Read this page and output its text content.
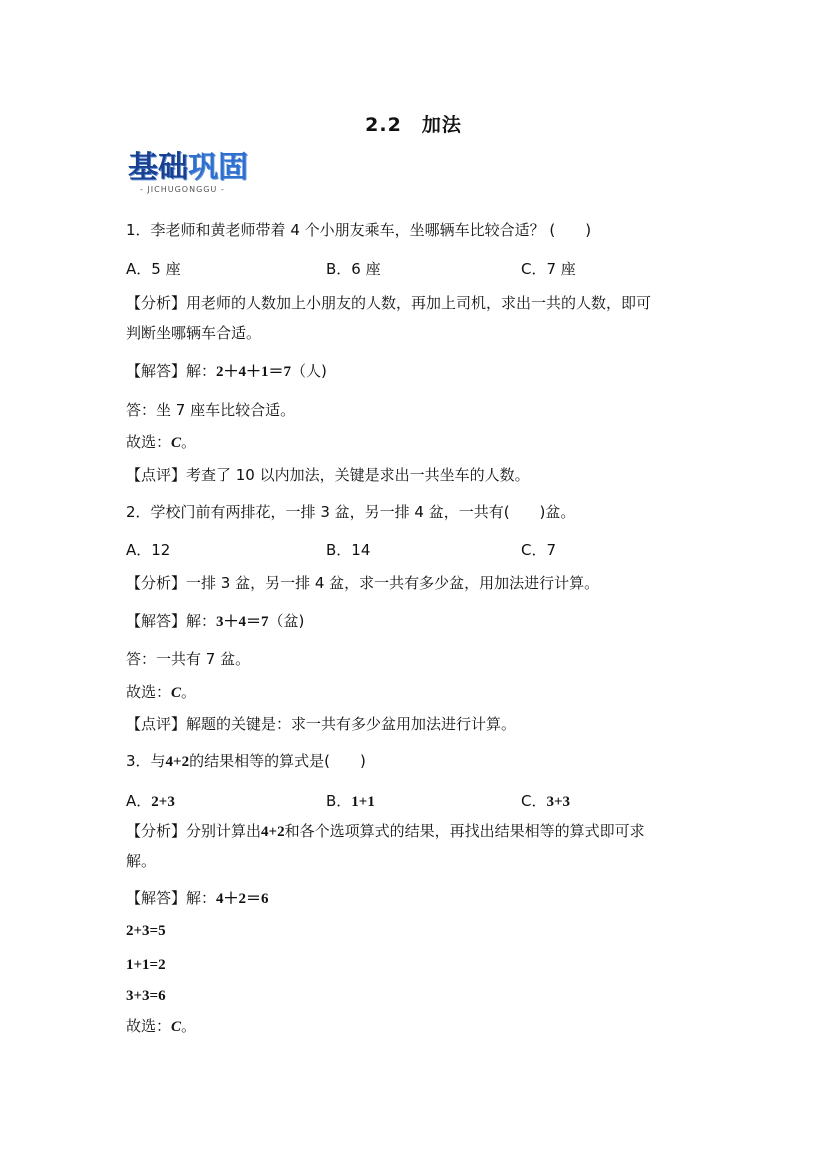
2.2　加法
基础巩固
- JICHUGONGGU -
1．李老师和黄老师带着 4 个小朋友乘车，坐哪辆车比较合适？ (　　)
A．5 座	B．6 座	C．7 座
【分析】用老师的人数加上小朋友的人数，再加上司机，求出一共的人数，即可
判断坐哪辆车合适。
【解答】解：2＋4＋1＝7（人)
答：坐 7 座车比较合适。
故选：C。
【点评】考查了 10 以内加法，关键是求出一共坐车的人数。
2．学校门前有两排花，一排 3 盆，另一排 4 盆，一共有(　　)盆。
A．12	B．14	C．7
【分析】一排 3 盆，另一排 4 盆，求一共有多少盆，用加法进行计算。
【解答】解：3＋4＝7（盆)
答：一共有 7 盆。
故选：C。
【点评】解题的关键是：求一共有多少盆用加法进行计算。
3．与4+2的结果相等的算式是(　　)
A．2+3	B．1+1	C．3+3
【分析】分别计算出4+2和各个选项算式的结果，再找出结果相等的算式即可求
解。
【解答】解：4＋2＝6
2+3=5
1+1=2
3+3=6
故选：C。
